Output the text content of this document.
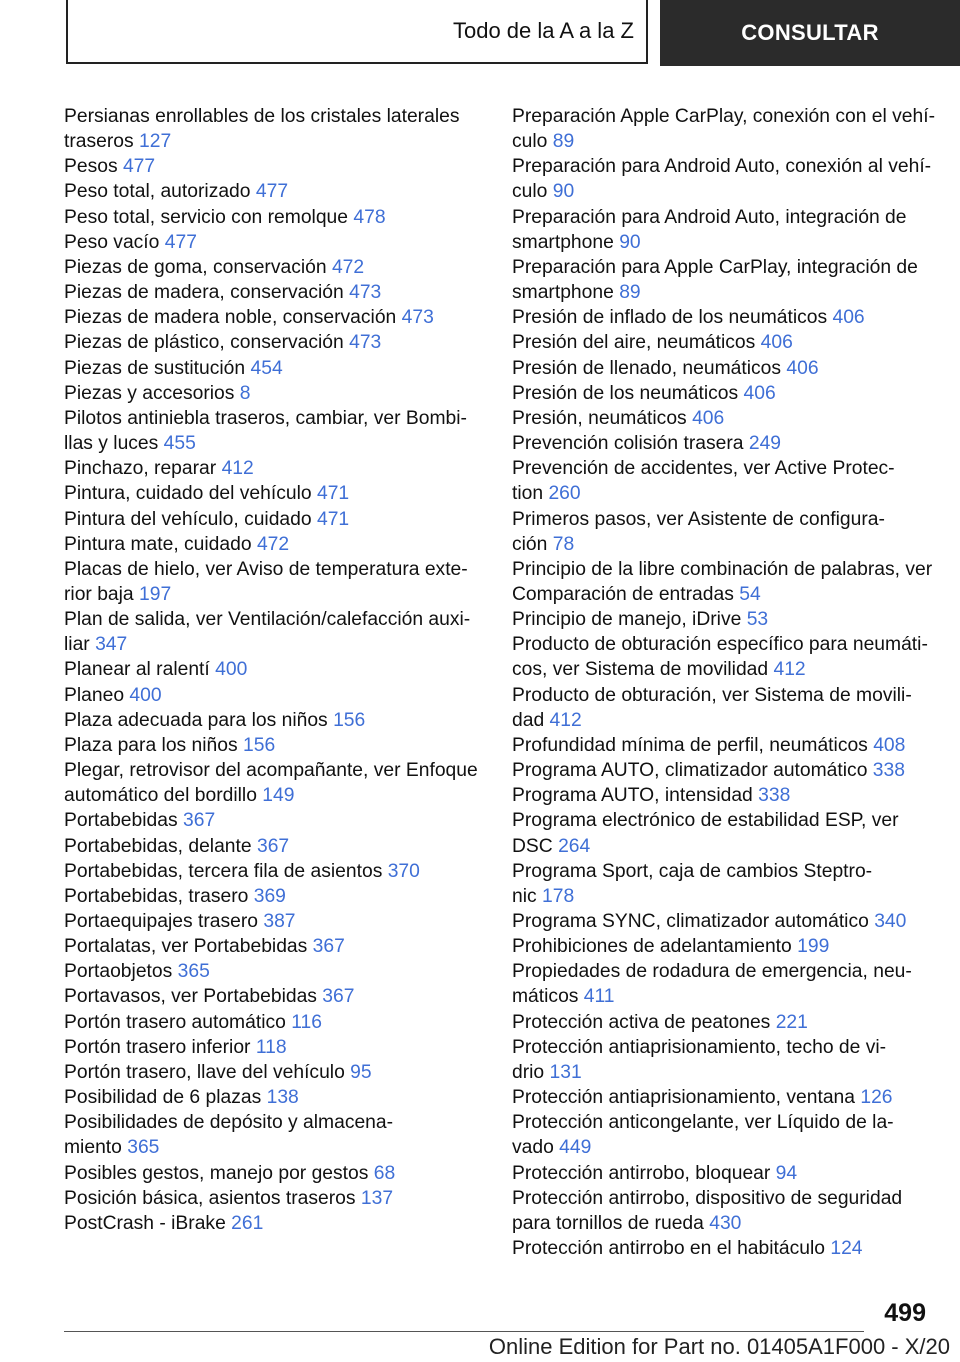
Todo de la A a la Z	CONSULTAR

Persianas enrollables de los cristales laterales
traseros 127

Pesos 477

Peso total, autorizado 477

Peso total, servicio con remolque 478

Peso vacío 477

Piezas de goma, conservación 472

Piezas de madera, conservación 473

Piezas de madera noble, conservación 473

Piezas de plástico, conservación 473

Piezas de sustitución 454

Piezas y accesorios 8

Pilotos antiniebla traseros, cambiar, ver Bombi-
llas y luces 455

Pinchazo, reparar 412

Pintura, cuidado del vehículo 471

Pintura del vehículo, cuidado 471

Pintura mate, cuidado 472

Placas de hielo, ver Aviso de temperatura exte-
rior baja 197

Plan de salida, ver Ventilación/calefacción auxi-
liar 347

Planear al ralentí 400

Planeo 400

Plaza adecuada para los niños 156

Plaza para los niños 156

Plegar, retrovisor del acompañante, ver Enfoque
automático del bordillo 149

Portabebidas 367

Portabebidas, delante 367

Portabebidas, tercera fila de asientos 370

Portabebidas, trasero 369

Portaequipajes trasero 387

Portalatas, ver Portabebidas 367

Portaobjetos 365

Portavasos, ver Portabebidas 367

Portón trasero automático 116

Portón trasero inferior 118

Portón trasero, llave del vehículo 95

Posibilidad de 6 plazas 138

Posibilidades de depósito y almacena-
miento 365

Posibles gestos, manejo por gestos 68

Posición básica, asientos traseros 137

PostCrash - iBrake 261

Preparación Apple CarPlay, conexión con el vehí-
culo 89

Preparación para Android Auto, conexión al vehí-
culo 90

Preparación para Android Auto, integración de
smartphone 90

Preparación para Apple CarPlay, integración de
smartphone 89

Presión de inflado de los neumáticos 406

Presión del aire, neumáticos 406

Presión de llenado, neumáticos 406

Presión de los neumáticos 406

Presión, neumáticos 406

Prevención colisión trasera 249

Prevención de accidentes, ver Active Protec-
tion 260

Primeros pasos, ver Asistente de configura-
ción 78

Principio de la libre combinación de palabras, ver
Comparación de entradas 54

Principio de manejo, iDrive 53

Producto de obturación específico para neumáti-
cos, ver Sistema de movilidad 412

Producto de obturación, ver Sistema de movili-
dad 412

Profundidad mínima de perfil, neumáticos 408

Programa AUTO, climatizador automático 338

Programa AUTO, intensidad 338

Programa electrónico de estabilidad ESP, ver
DSC 264

Programa Sport, caja de cambios Steptro-
nic 178

Programa SYNC, climatizador automático 340

Prohibiciones de adelantamiento 199

Propiedades de rodadura de emergencia, neu-
máticos 411

Protección activa de peatones 221

Protección antiaprisionamiento, techo de vi-
drio 131

Protección antiaprisionamiento, ventana 126

Protección anticongelante, ver Líquido de la-
vado 449

Protección antirrobo, bloquear 94

Protección antirrobo, dispositivo de seguridad
para tornillos de rueda 430

Protección antirrobo en el habitáculo 124

499
Online Edition for Part no. 01405A1F000 - X/20
